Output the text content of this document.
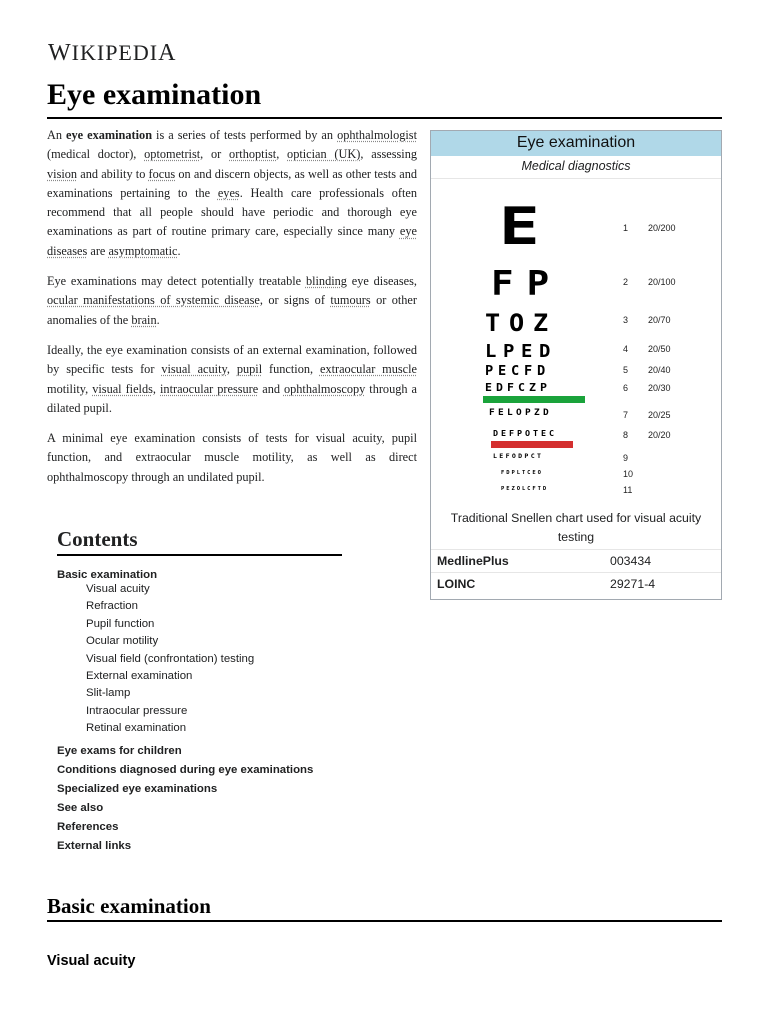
WIKIPEDIA
Eye examination

An eye examination is a series of tests performed by an ophthalmologist (medical doctor), optometrist, or orthoptist, optician (UK), assessing vision and ability to focus on and discern objects, as well as other tests and examinations pertaining to the eyes. Health care professionals often recommend that all people should have periodic and thorough eye examinations as part of routine primary care, especially since many eye diseases are asymptomatic.

Eye examinations may detect potentially treatable blinding eye diseases, ocular manifestations of systemic disease, or signs of tumours or other anomalies of the brain.

Ideally, the eye examination consists of an external examination, followed by specific tests for visual acuity, pupil function, extraocular muscle motility, visual fields, intraocular pressure and ophthalmoscopy through a dilated pupil.

A minimal eye examination consists of tests for visual acuity, pupil function, and extraocular muscle motility, as well as direct ophthalmoscopy through an undilated pupil.

Eye examination
Medical diagnostics
E	1 20/200
FP	2 20/100
TOZ	3 20/70
LPED	4 20/50
PECFD	5 20/40
EDFCZP	6 20/30
FELOPZD	7 20/25
DEFPOTEC	8 20/20
LEFODPCT	9
FDPLTCEO	10
PEZOLCFTD	11
Traditional Snellen chart used for visual acuity testing
MedlinePlus	003434
LOINC	29271-4
Contents
Basic examination
Visual acuity
Refraction
Pupil function
Ocular motility
Visual field (confrontation) testing
External examination
Slit-lamp
Intraocular pressure
Retinal examination
Eye exams for children
Conditions diagnosed during eye examinations
Specialized eye examinations
See also
References
External links
Basic examination
Visual acuity
